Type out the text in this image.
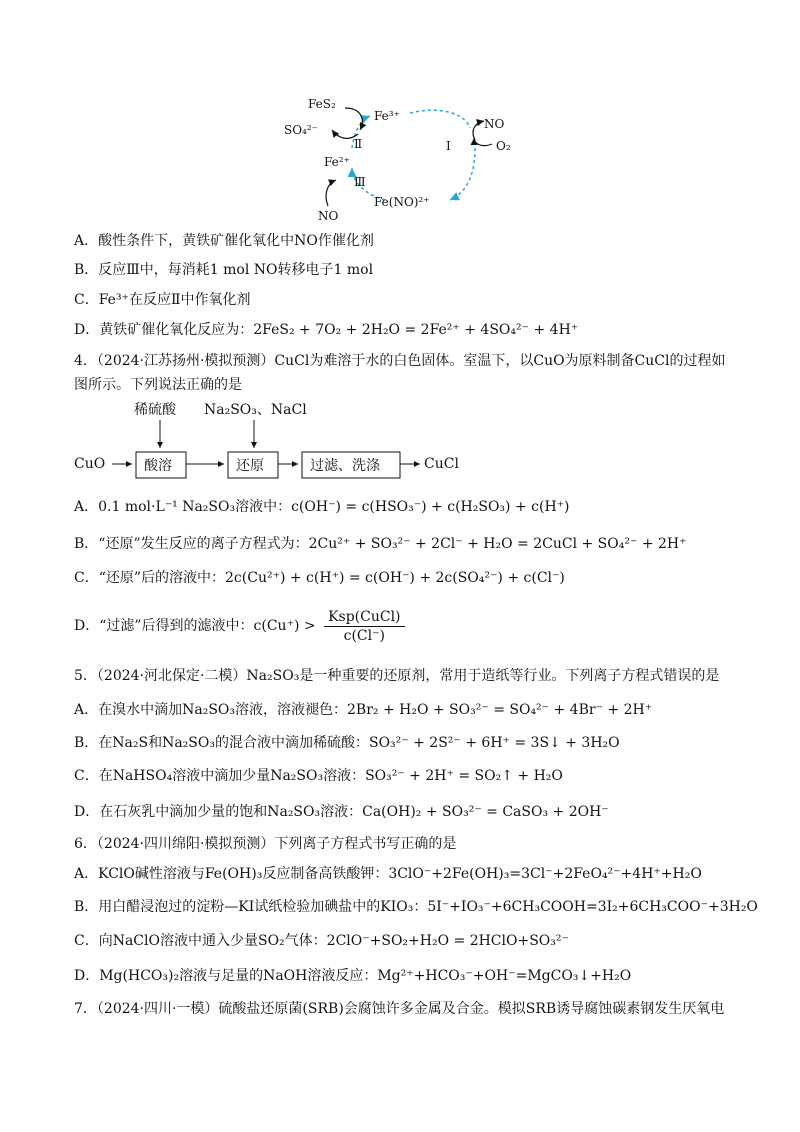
FeS₂
SO₄²⁻
Fe³⁺
Ⅱ	Ⅰ
NO
O₂
Fe²⁺
Ⅲ
Fe(NO)²⁺
NO
A．酸性条件下，黄铁矿催化氧化中NO作催化剂
B．反应Ⅲ中，每消耗1 mol NO转移电子1 mol
C．Fe³⁺在反应Ⅱ中作氧化剂
D．黄铁矿催化氧化反应为：2FeS₂ + 7O₂ + 2H₂O = 2Fe²⁺ + 4SO₄²⁻ + 4H⁺
4．（2024·江苏扬州·模拟预测）CuCl为难溶于水的白色固体。室温下，以CuO为原料制备CuCl的过程如图所示。下列说法正确的是
稀硫酸 Na₂SO₃、NaCl
CuO	酸溶	还原	过滤、洗涤	CuCl
A．0.1 mol·L⁻¹ Na₂SO₃溶液中：c(OH⁻) = c(HSO₃⁻) + c(H₂SO₃) + c(H⁺)
B．“还原”发生反应的离子方程式为：2Cu²⁺ + SO₃²⁻ + 2Cl⁻ + H₂O = 2CuCl + SO₄²⁻ + 2H⁺
C．“还原”后的溶液中：2c(Cu²⁺) + c(H⁺) = c(OH⁻) + 2c(SO₄²⁻) + c(Cl⁻)
D．“过滤”后得到的滤液中：$c(Cu^+) > \frac{\text{Ksp(CuCl)}}{c(Cl^-)}$
5．（2024·河北保定·二模）Na₂SO₃是一种重要的还原剂，常用于造纸等行业。下列离子方程式错误的是
A．在溴水中滴加Na₂SO₃溶液，溶液褪色：2Br₂ + H₂O + SO₃²⁻ = SO₄²⁻ + 4Br⁻ + 2H⁺
B．在Na₂S和Na₂SO₃的混合液中滴加稀硫酸：SO₃²⁻ + 2S²⁻ + 6H⁺ = 3S↓ + 3H₂O
C．在NaHSO₄溶液中滴加少量Na₂SO₃溶液：SO₃²⁻ + 2H⁺ = SO₂↑ + H₂O
D．在石灰乳中滴加少量的饱和Na₂SO₃溶液：Ca(OH)₂ + SO₃²⁻ = CaSO₃ + 2OH⁻
6．（2024·四川绵阳·模拟预测）下列离子方程式书写正确的是
A．KClO碱性溶液与Fe(OH)₃反应制备高铁酸钾：3ClO⁻+2Fe(OH)₃=3Cl⁻+2FeO₄²⁻+4H⁺+H₂O
B．用白醋浸泡过的淀粉—KI试纸检验加碘盐中的KIO₃：5I⁻+IO₃⁻+6CH₃COOH=3I₂+6CH₃COO⁻+3H₂O
C．向NaClO溶液中通入少量SO₂气体：2ClO⁻+SO₂+H₂O = 2HClO+SO₃²⁻
D．Mg(HCO₃)₂溶液与足量的NaOH溶液反应：Mg²⁺+HCO₃⁻+OH⁻=MgCO₃↓+H₂O
7．（2024·四川·一模）硫酸盐还原菌(SRB)会腐蚀许多金属及合金。模拟SRB诱导腐蚀碳素钢发生厌氧电
